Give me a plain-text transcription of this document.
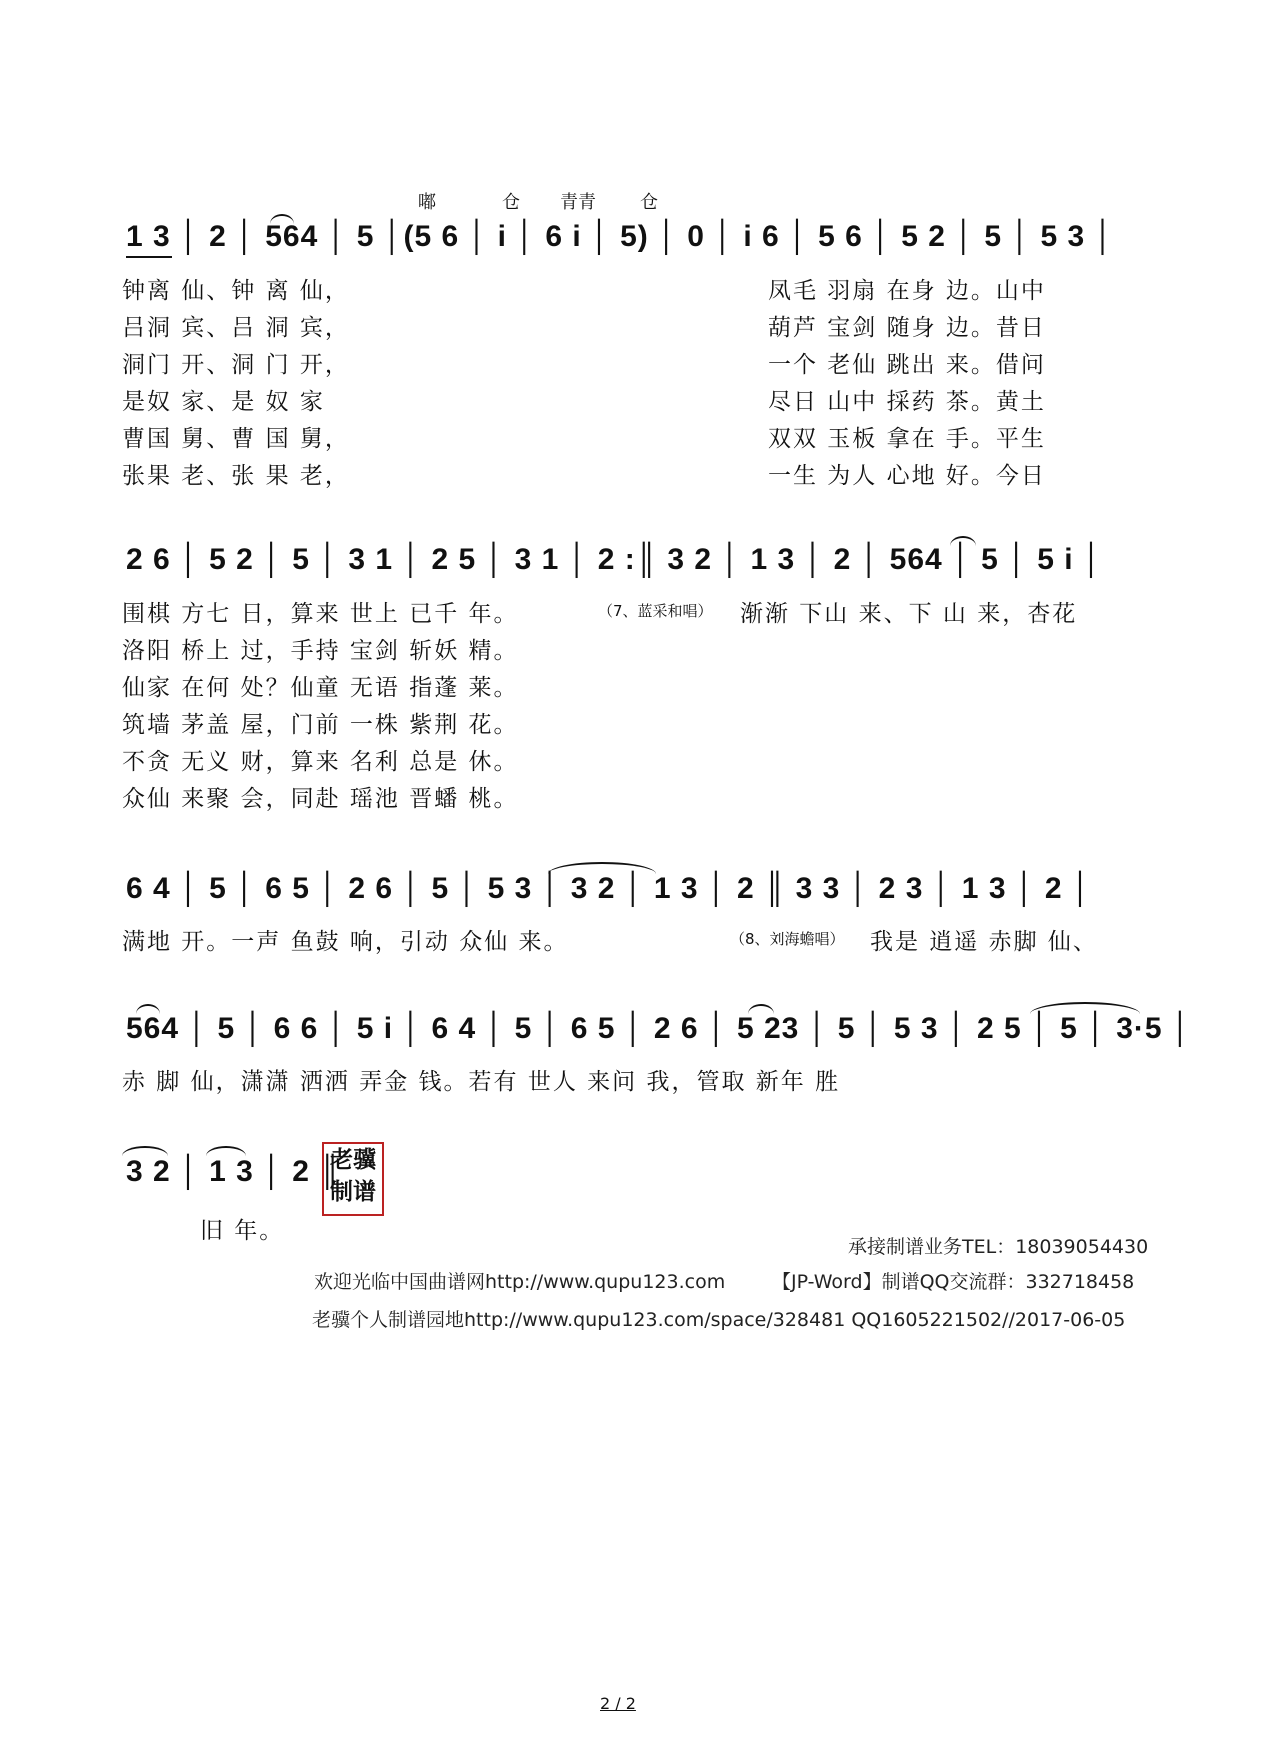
嘟	仓 青青 仓
1 3 │ 2 │ 564 │ 5 │(5 6 │ i │ 6 i │ 5) │ 0 │ i 6 │ 5 6 │ 5 2 │ 5 │ 5 3 │
钟离 仙、钟 离 仙，
吕洞 宾、吕 洞 宾，
洞门 开、洞 门 开，
是奴 家、是 奴 家
曹国 舅、曹 国 舅，
张果 老、张 果 老，
凤毛 羽扇 在身 边。山中
葫芦 宝剑 随身 边。昔日
一个 老仙 跳出 来。借问
尽日 山中 採药 茶。黄土
双双 玉板 拿在 手。平生
一生 为人 心地 好。今日
2 6 │ 5 2 │ 5 │ 3 1 │ 2 5 │ 3 1 │ 2 :║ 3 2 │ 1 3 │ 2 │ 564 │ 5 │ 5 i │
围棋 方七 日，算来 世上 已千 年。	（7、蓝采和唱） 渐渐 下山 来、下 山 来，杏花
洛阳 桥上 过，手持 宝剑 斩妖 精。
仙家 在何 处？仙童 无语 指蓬 莱。
筑墙 茅盖 屋，门前 一株 紫荆 花。
不贪 无义 财，算来 名利 总是 休。
众仙 来聚 会，同赴 瑶池 晋蟠 桃。
6 4 │ 5 │ 6 5 │ 2 6 │ 5 │ 5 3 │ 3 2 │ 1 3 │ 2 ║ 3 3 │ 2 3 │ 1 3 │ 2 │
满地 开。一声 鱼鼓 响，引动 众仙 来。	（8、刘海蟾唱） 我是 逍遥 赤脚 仙、
564 │ 5 │ 6 6 │ 5 i │ 6 4 │ 5 │ 6 5 │ 2 6 │ 5 23 │ 5 │ 5 3 │ 2 5 │ 5 │ 3·5 │
赤 脚 仙，潇潇 洒洒 弄金 钱。若有 世人 来问 我，管取 新年 胜
3 2 │ 1 3 │ 2 ║
旧 年。
老骥
制谱
承接制谱业务TEL：18039054430
欢迎光临中国曲谱网http://www.qupu123.com 【JP-Word】制谱QQ交流群：332718458
老骥个人制谱园地http://www.qupu123.com/space/328481 QQ1605221502//2017-06-05
2 / 2
